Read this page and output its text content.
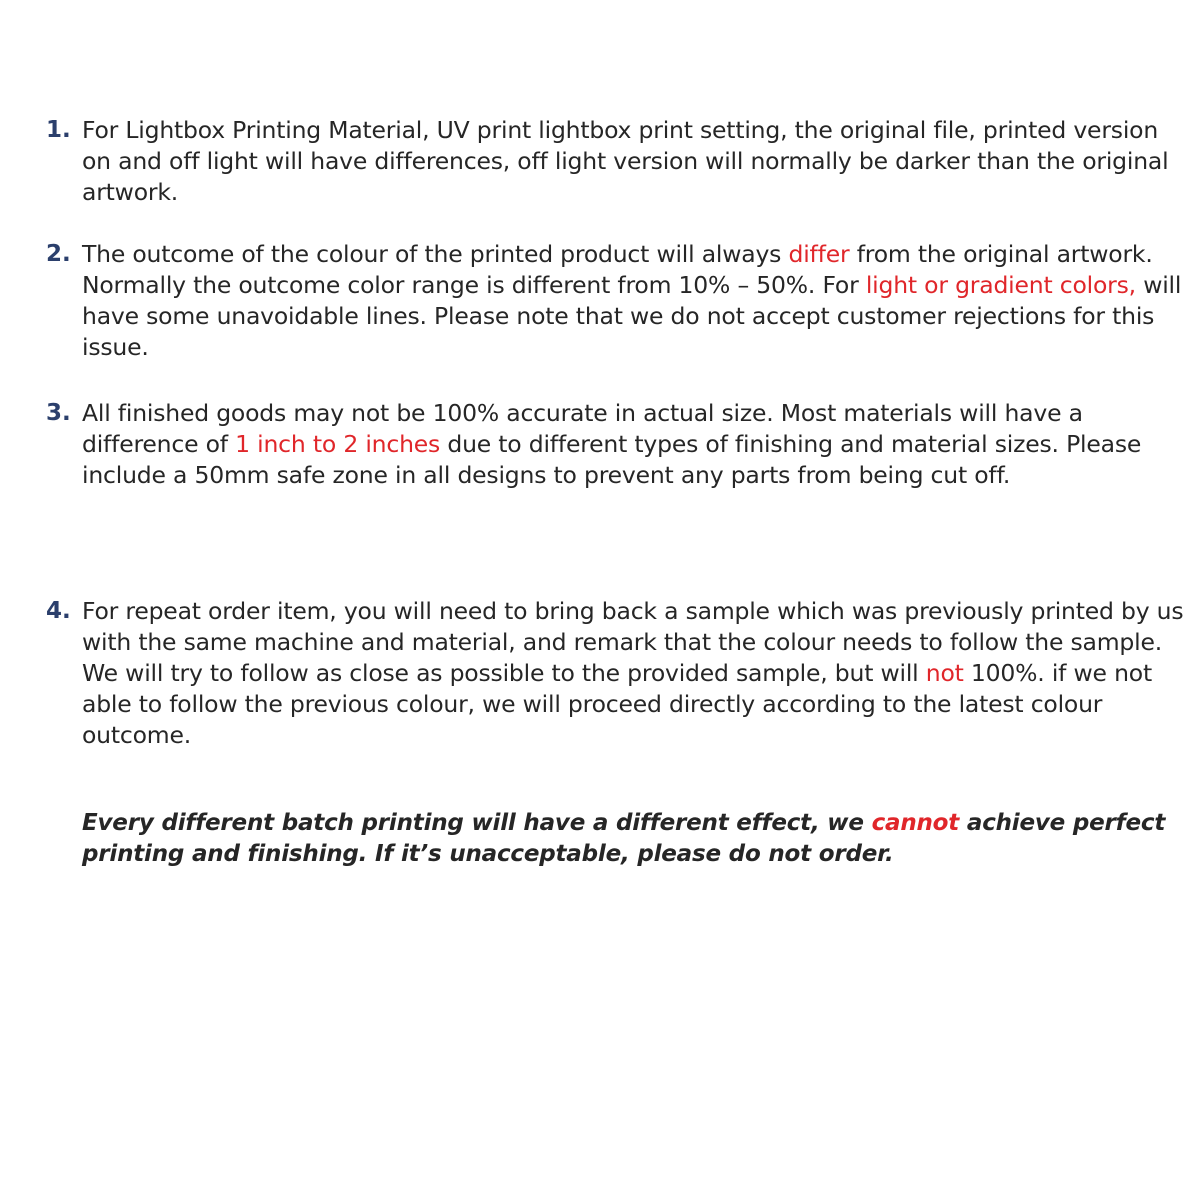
1. For Lightbox Printing Material, UV print lightbox print setting, the original file, printed version on and off light will have differences, off light version will normally be darker than the original artwork.

2. The outcome of the colour of the printed product will always differ from the original artwork. Normally the outcome color range is different from 10% – 50%. For light or gradient colors, will have some unavoidable lines. Please note that we do not accept customer rejections for this issue.

3. All finished goods may not be 100% accurate in actual size. Most materials will have a difference of 1 inch to 2 inches due to different types of finishing and material sizes. Please include a 50mm safe zone in all designs to prevent any parts from being cut off.

4. For repeat order item, you will need to bring back a sample which was previously printed by us with the same machine and material, and remark that the colour needs to follow the sample. We will try to follow as close as possible to the provided sample, but will not 100%. if we not able to follow the previous colour, we will proceed directly according to the latest colour outcome.

Every different batch printing will have a different effect, we cannot achieve perfect printing and finishing. If it’s unacceptable, please do not order.
